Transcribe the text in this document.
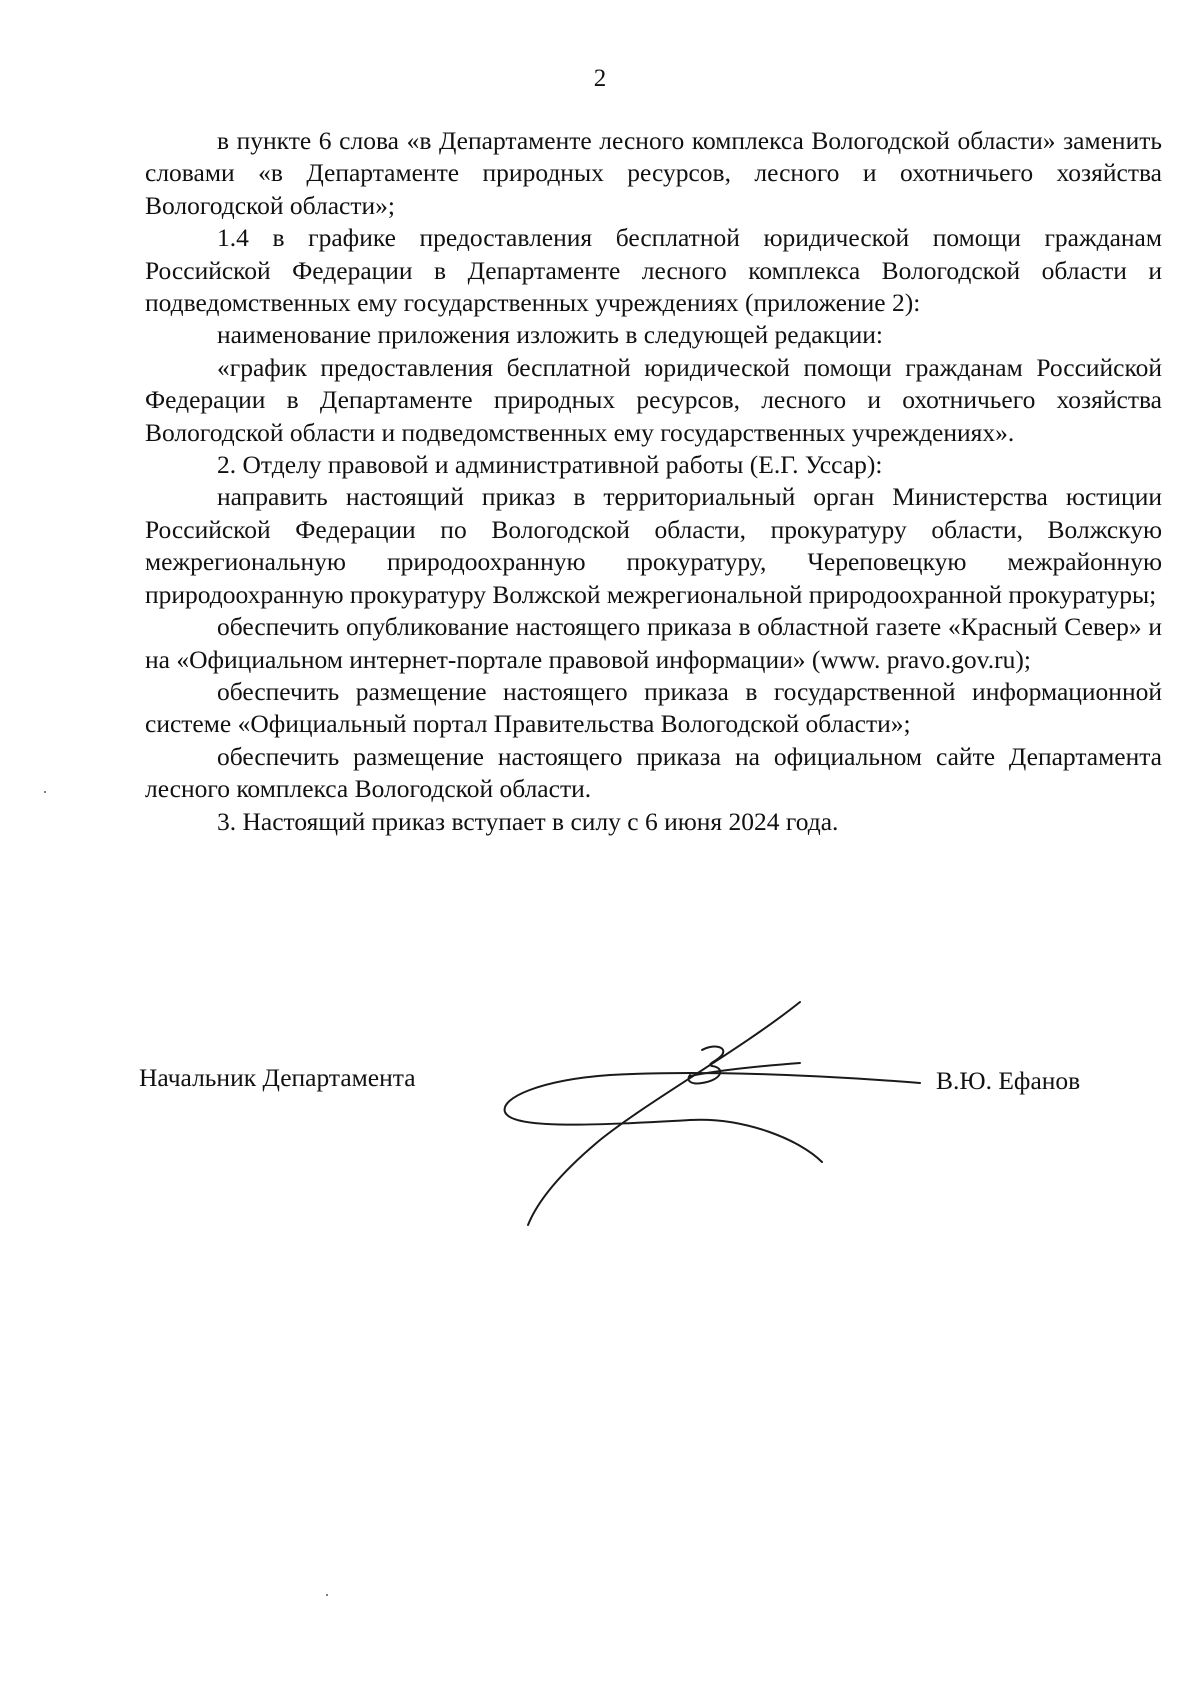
2

в пункте 6 слова «в Департаменте лесного комплекса Вологодской области» заменить словами «в Департаменте природных ресурсов, лесного и охотничьего хозяйства Вологодской области»;

1.4 в графике предоставления бесплатной юридической помощи гражданам Российской Федерации в Департаменте лесного комплекса Вологодской области и подведомственных ему государственных учреждениях (приложение 2):

наименование приложения изложить в следующей редакции:

«график предоставления бесплатной юридической помощи гражданам Российской Федерации в Департаменте природных ресурсов, лесного и охотничьего хозяйства Вологодской области и подведомственных ему государственных учреждениях».

2. Отделу правовой и административной работы (Е.Г. Уссар):

направить настоящий приказ в территориальный орган Министерства юстиции Российской Федерации по Вологодской области, прокуратуру области, Волжскую межрегиональную природоохранную прокуратуру, Череповецкую межрайонную природоохранную прокуратуру Волжской межрегиональной природоохранной прокуратуры;

обеспечить опубликование настоящего приказа в областной газете «Красный Север» и на «Официальном интернет-портале правовой информации» (www. pravo.gov.ru);

обеспечить размещение настоящего приказа в государственной информационной системе «Официальный портал Правительства Вологодской области»;

обеспечить размещение настоящего приказа на официальном сайте Департамента лесного комплекса Вологодской области.

3. Настоящий приказ вступает в силу с 6 июня 2024 года.

Начальник Департамента	В.Ю. Ефанов
